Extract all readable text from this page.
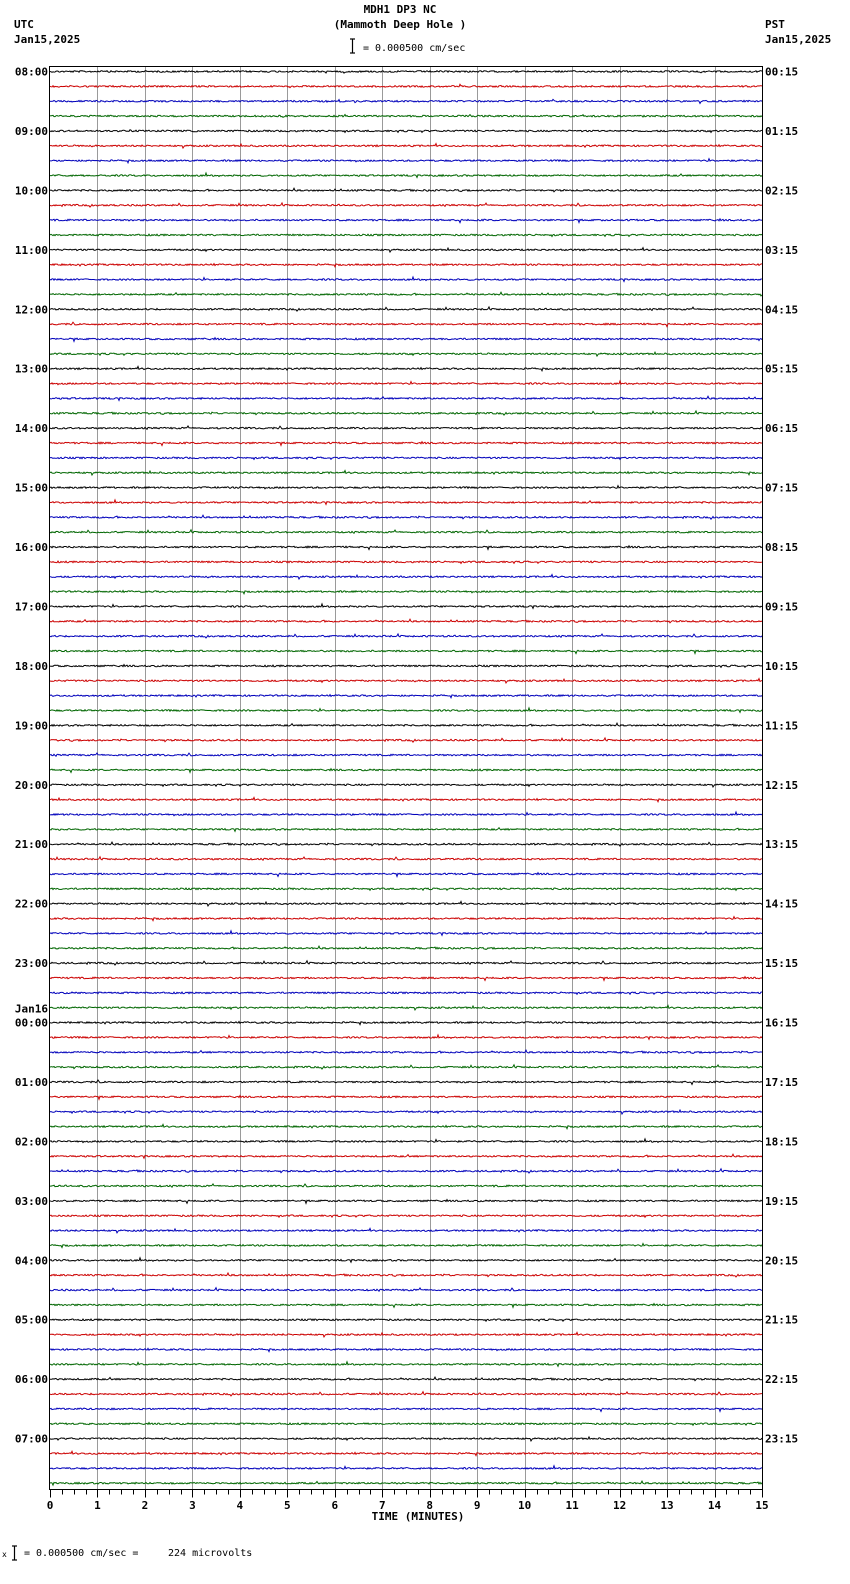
MDH1 DP3 NC
(Mammoth Deep Hole )
= 0.000500 cm/sec
UTC
Jan15,2025
PST
Jan15,2025
x = 0.000500 cm/sec =	224 microvolts
08:00
09:00
10:00
11:00
12:00
13:00
14:00
15:00
16:00
17:00
18:00
19:00
20:00
21:00
22:00
23:00
00:00
01:00
02:00
03:00
04:00
05:00
06:00
07:00
00:15
01:15
02:15
03:15
04:15
05:15
06:15
07:15
08:15
09:15
10:15
11:15
12:15
13:15
14:15
15:15
16:15
17:15
18:15
19:15
20:15
21:15
22:15
23:15
Jan16
0	1	2	3	4	5	6	7	8	9	10	11	12	13	14	15
TIME (MINUTES)
